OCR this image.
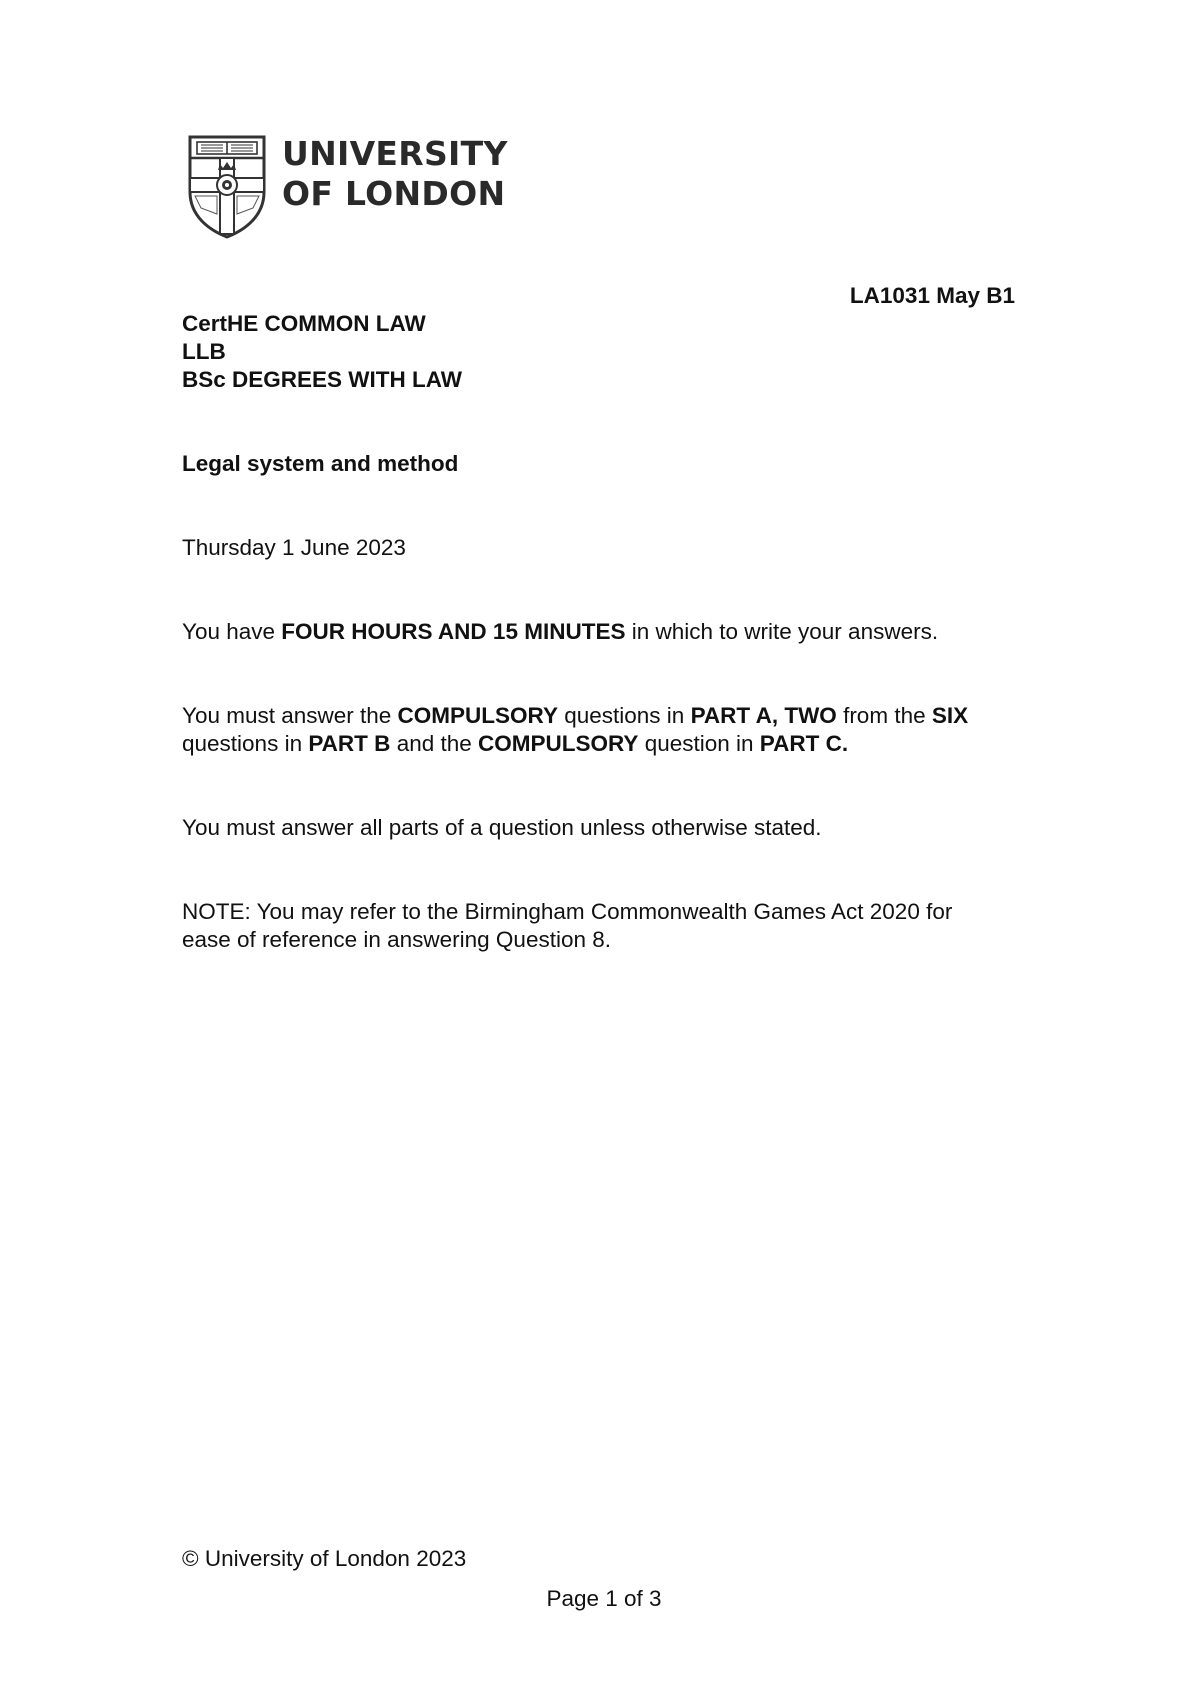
UNIVERSITY
OF LONDON
LA1031 May B1
CertHE COMMON LAW
LLB
BSc DEGREES WITH LAW
Legal system and method
Thursday 1 June 2023
You have FOUR HOURS AND 15 MINUTES in which to write your answers.
You must answer the COMPULSORY questions in PART A, TWO from the SIX
questions in PART B and the COMPULSORY question in PART C.
You must answer all parts of a question unless otherwise stated.
NOTE: You may refer to the Birmingham Commonwealth Games Act 2020 for
ease of reference in answering Question 8.
© University of London 2023
Page 1 of 3
